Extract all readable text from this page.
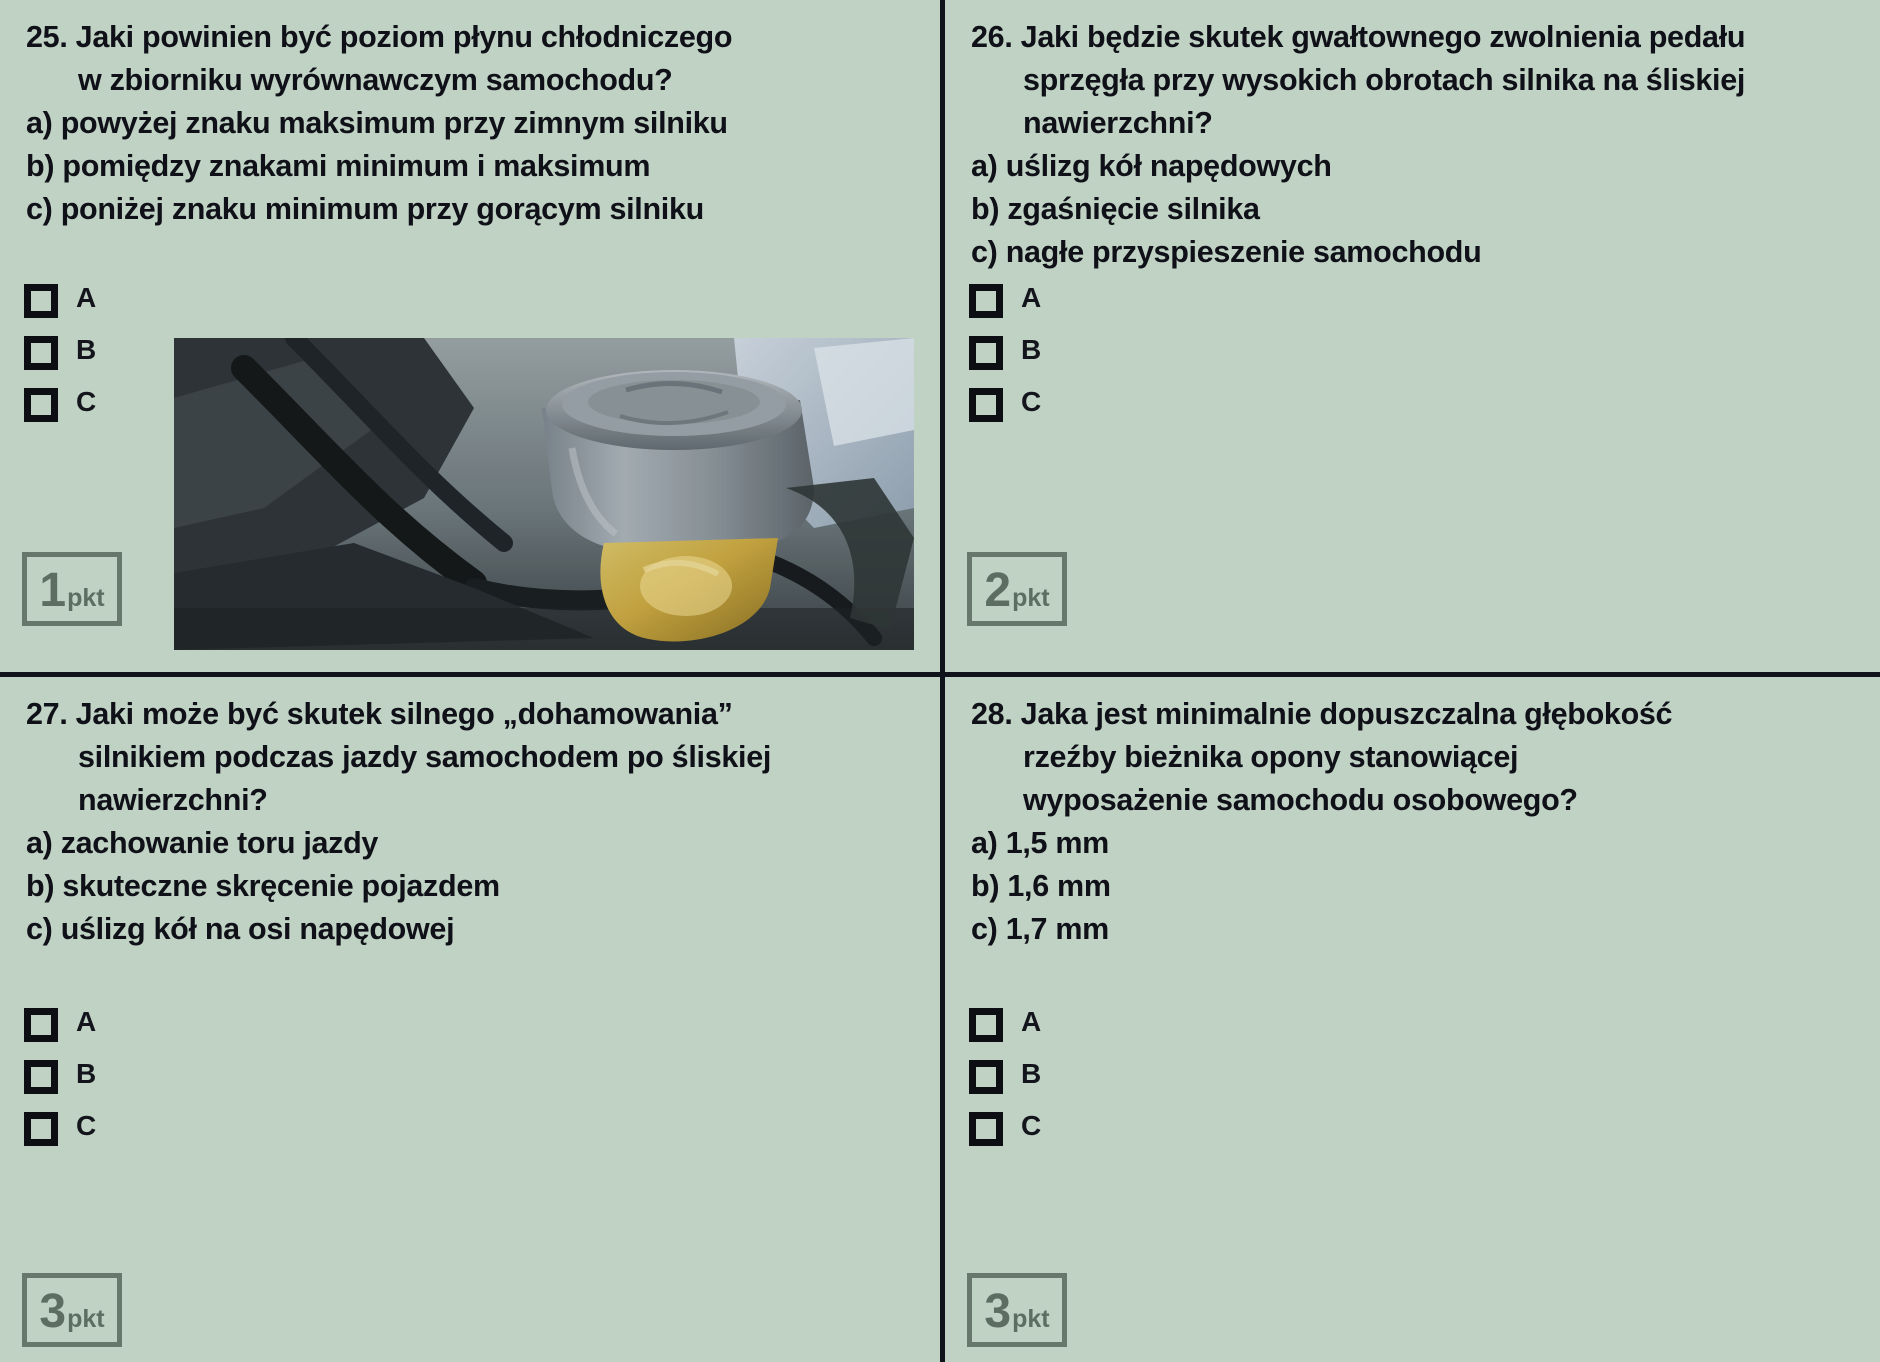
25. Jaki powinien być poziom płynu chłodniczego
w zbiorniku wyrównawczym samochodu?
a) powyżej znaku maksimum przy zimnym silniku
b) pomiędzy znakami minimum i maksimum
c) poniżej znaku minimum przy gorącym silniku
A
B
C
1 pkt
26. Jaki będzie skutek gwałtownego zwolnienia pedału
sprzęgła przy wysokich obrotach silnika na śliskiej
nawierzchni?
a) uślizg kół napędowych
b) zgaśnięcie silnika
c) nagłe przyspieszenie samochodu
A
B
C
2 pkt
27. Jaki może być skutek silnego „dohamowania”
silnikiem podczas jazdy samochodem po śliskiej
nawierzchni?
a) zachowanie toru jazdy
b) skuteczne skręcenie pojazdem
c) uślizg kół na osi napędowej
A
B
C
3 pkt
28. Jaka jest minimalnie dopuszczalna głębokość
rzeźby bieżnika opony stanowiącej
wyposażenie samochodu osobowego?
a) 1,5 mm
b) 1,6 mm
c) 1,7 mm
A
B
C
3 pkt
